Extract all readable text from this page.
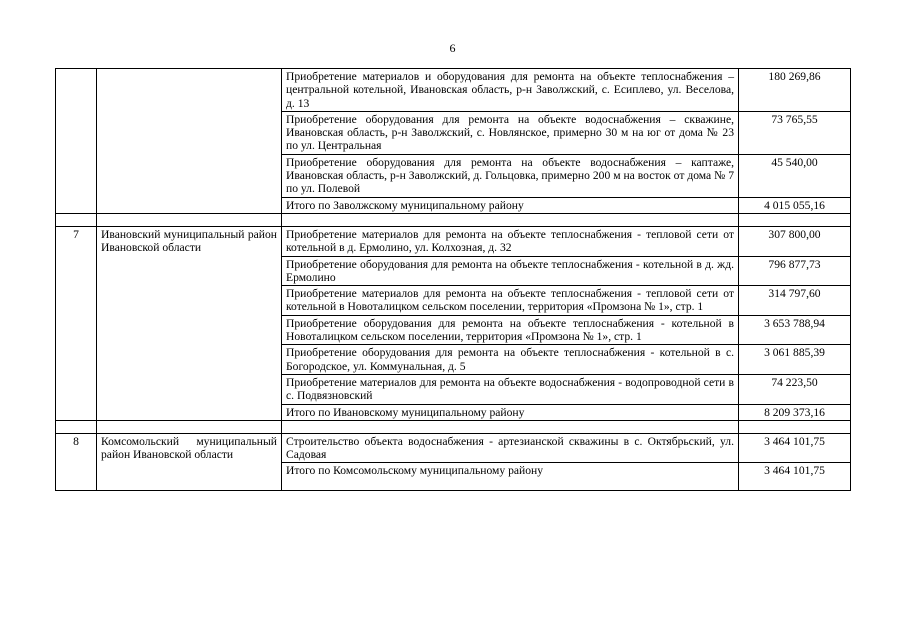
6
		Приобретение материалов и оборудования для ремонта на объекте теплоснабжения – центральной котельной, Ивановская область, р-н Заволжский, с. Есиплево, ул. Веселова, д. 13	180 269,86
		Приобретение оборудования для ремонта на объекте водоснабжения – скважине, Ивановская область, р-н Заволжский, с. Новлянское, примерно 30 м на юг от дома № 23 по ул. Центральная	73 765,55
		Приобретение оборудования для ремонта на объекте водоснабжения – каптаже, Ивановская область, р-н Заволжский, д. Гольцовка, примерно 200 м на восток от дома № 7 по ул. Полевой	45 540,00
		Итого по Заволжскому муниципальному району	4 015 055,16

7	Ивановский муниципальный район Ивановской области	Приобретение материалов для ремонта на объекте теплоснабжения - тепловой сети от котельной в д. Ермолино, ул. Колхозная, д. 32	307 800,00
		Приобретение оборудования для ремонта на объекте теплоснабжения - котельной в д. жд. Ермолино	796 877,73
		Приобретение материалов для ремонта на объекте теплоснабжения - тепловой сети от котельной в Новоталицком сельском поселении, территория «Промзона № 1», стр. 1	314 797,60
		Приобретение оборудования для ремонта на объекте теплоснабжения - котельной в Новоталицком сельском поселении, территория «Промзона № 1», стр. 1	3 653 788,94
		Приобретение оборудования для ремонта на объекте теплоснабжения - котельной в с. Богородское, ул. Коммунальная, д. 5	3 061 885,39
		Приобретение материалов для ремонта на объекте водоснабжения - водопроводной сети в с. Подвязновский	74 223,50
		Итого по Ивановскому муниципальному району	8 209 373,16

8	Комсомольский муниципальный район Ивановской области	Строительство объекта водоснабжения - артезианской скважины в с. Октябрьский, ул. Садовая	3 464 101,75
		Итого по Комсомольскому муниципальному району	3 464 101,75
